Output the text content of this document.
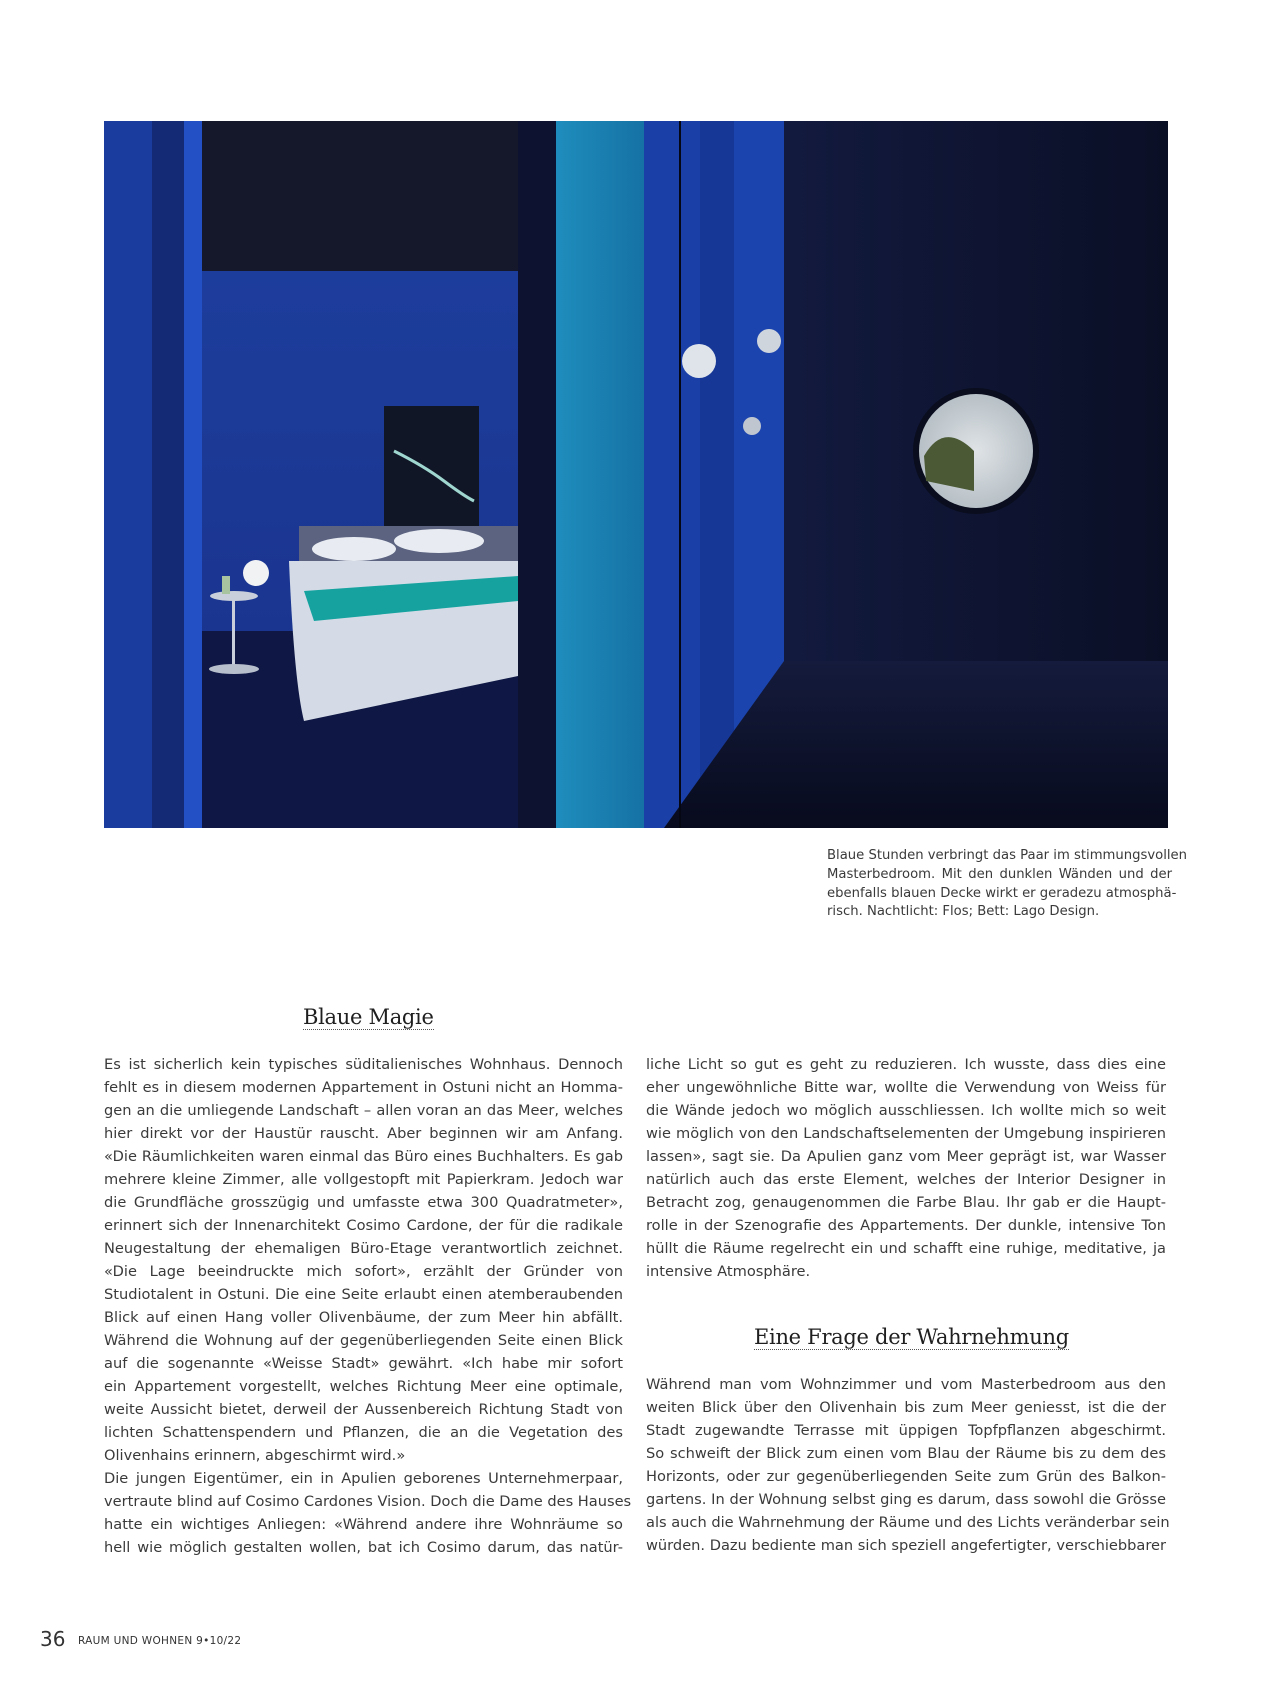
Blaue Stunden verbringt das Paar im stimmungsvollen
Masterbedroom. Mit den dunklen Wänden und der
ebenfalls blauen Decke wirkt er geradezu atmosphä-
risch. Nachtlicht: Flos; Bett: Lago Design.
Blaue Magie
Eine Frage der Wahrnehmung
Es ist sicherlich kein typisches süditalienisches Wohnhaus. Dennoch
fehlt es in diesem modernen Appartement in Ostuni nicht an Homma-
gen an die umliegende Landschaft – allen voran an das Meer, welches
hier direkt vor der Haustür rauscht. Aber beginnen wir am Anfang.
«Die Räumlichkeiten waren einmal das Büro eines Buchhalters. Es gab
mehrere kleine Zimmer, alle vollgestopft mit Papierkram. Jedoch war
die Grundfläche grosszügig und umfasste etwa 300 Quadratmeter»,
erinnert sich der Innenarchitekt Cosimo Cardone, der für die radikale
Neugestaltung der ehemaligen Büro-Etage verantwortlich zeichnet.
«Die Lage beeindruckte mich sofort», erzählt der Gründer von
Studiotalent in Ostuni. Die eine Seite erlaubt einen atemberaubenden
Blick auf einen Hang voller Olivenbäume, der zum Meer hin abfällt.
Während die Wohnung auf der gegenüberliegenden Seite einen Blick
auf die sogenannte «Weisse Stadt» gewährt. «Ich habe mir sofort
ein Appartement vorgestellt, welches Richtung Meer eine optimale,
weite Aussicht bietet, derweil der Aussenbereich Richtung Stadt von
lichten Schattenspendern und Pflanzen, die an die Vegetation des
Olivenhains erinnern, abgeschirmt wird.»
Die jungen Eigentümer, ein in Apulien geborenes Unternehmerpaar,
vertraute blind auf Cosimo Cardones Vision. Doch die Dame des Hauses
hatte ein wichtiges Anliegen: «Während andere ihre Wohnräume so
hell wie möglich gestalten wollen, bat ich Cosimo darum, das natür-
liche Licht so gut es geht zu reduzieren. Ich wusste, dass dies eine
eher ungewöhnliche Bitte war, wollte die Verwendung von Weiss für
die Wände jedoch wo möglich ausschliessen. Ich wollte mich so weit
wie möglich von den Landschaftselementen der Umgebung inspirieren
lassen», sagt sie. Da Apulien ganz vom Meer geprägt ist, war Wasser
natürlich auch das erste Element, welches der Interior Designer in
Betracht zog, genaugenommen die Farbe Blau. Ihr gab er die Haupt-
rolle in der Szenografie des Appartements. Der dunkle, intensive Ton
hüllt die Räume regelrecht ein und schafft eine ruhige, meditative, ja
intensive Atmosphäre.
Während man vom Wohnzimmer und vom Masterbedroom aus den
weiten Blick über den Olivenhain bis zum Meer geniesst, ist die der
Stadt zugewandte Terrasse mit üppigen Topfpflanzen abgeschirmt.
So schweift der Blick zum einen vom Blau der Räume bis zu dem des
Horizonts, oder zur gegenüberliegenden Seite zum Grün des Balkon-
gartens. In der Wohnung selbst ging es darum, dass sowohl die Grösse
als auch die Wahrnehmung der Räume und des Lichts veränderbar sein
würden. Dazu bediente man sich speziell angefertigter, verschiebbarer
36 RAUM UND WOHNEN 9•10/22
